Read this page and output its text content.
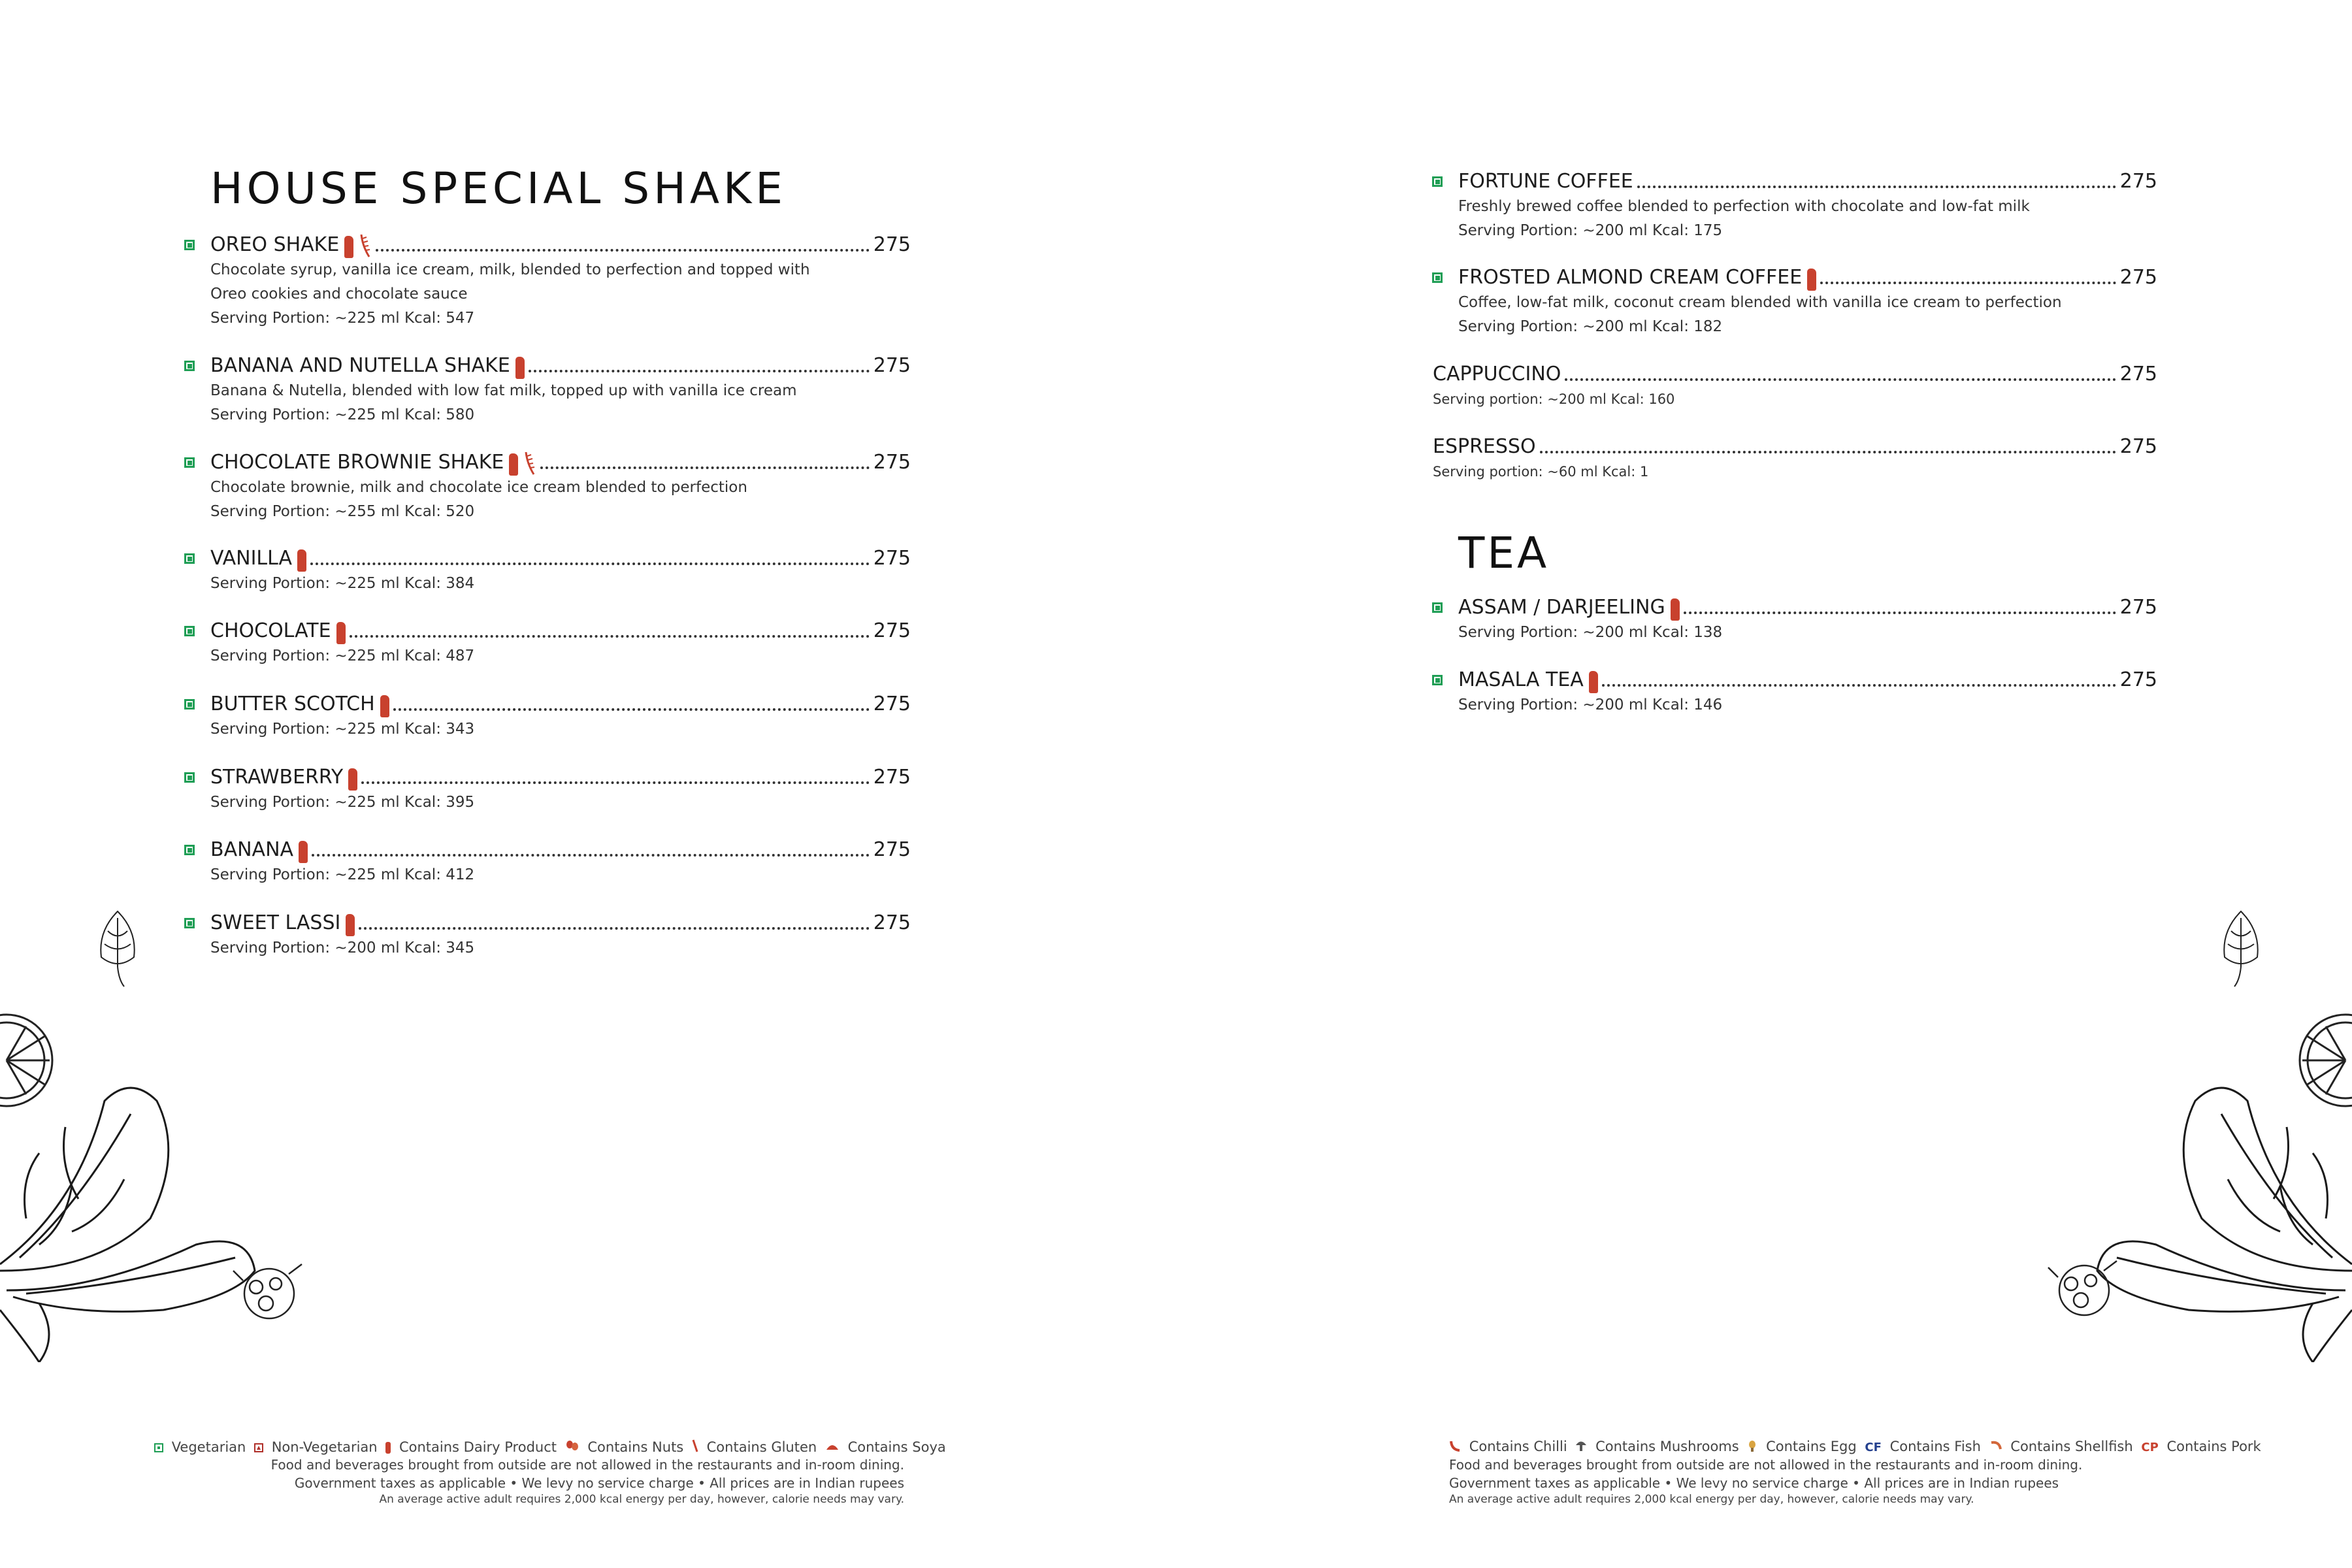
HOUSE SPECIAL SHAKE
OREO SHAKE	275
Chocolate syrup, vanilla ice cream, milk, blended to perfection and topped with
Oreo cookies and chocolate sauce
Serving Portion: ~225 ml Kcal: 547
BANANA AND NUTELLA SHAKE	275
Banana & Nutella, blended with low fat milk, topped up with vanilla ice cream
Serving Portion: ~225 ml Kcal: 580
CHOCOLATE BROWNIE SHAKE	275
Chocolate brownie, milk and chocolate ice cream blended to perfection
Serving Portion: ~255 ml Kcal: 520
VANILLA	275
Serving Portion: ~225 ml Kcal: 384
CHOCOLATE	275
Serving Portion: ~225 ml Kcal: 487
BUTTER SCOTCH	275
Serving Portion: ~225 ml Kcal: 343
STRAWBERRY	275
Serving Portion: ~225 ml Kcal: 395
BANANA	275
Serving Portion: ~225 ml Kcal: 412
SWEET LASSI	275
Serving Portion: ~200 ml Kcal: 345
FORTUNE COFFEE	275
Freshly brewed coffee blended to perfection with chocolate and low-fat milk
Serving Portion: ~200 ml Kcal: 175
FROSTED ALMOND CREAM COFFEE	275
Coffee, low-fat milk, coconut cream blended with vanilla ice cream to perfection
Serving Portion: ~200 ml Kcal: 182
CAPPUCCINO	275
Serving portion: ~200 ml Kcal: 160
ESPRESSO	275
Serving portion: ~60 ml Kcal: 1
TEA
ASSAM / DARJEELING	275
Serving Portion: ~200 ml Kcal: 138
MASALA TEA	275
Serving Portion: ~200 ml Kcal: 146
Vegetarian Non-Vegetarian Contains Dairy Product Contains Nuts Contains Gluten Contains Soya
Food and beverages brought from outside are not allowed in the restaurants and in-room dining.
Government taxes as applicable • We levy no service charge • All prices are in Indian rupees
An average active adult requires 2,000 kcal energy per day, however, calorie needs may vary.
Contains Chilli Contains Mushrooms Contains Egg CF Contains Fish Contains Shellfish CP Contains Pork
Food and beverages brought from outside are not allowed in the restaurants and in-room dining.
Government taxes as applicable • We levy no service charge • All prices are in Indian rupees
An average active adult requires 2,000 kcal energy per day, however, calorie needs may vary.
